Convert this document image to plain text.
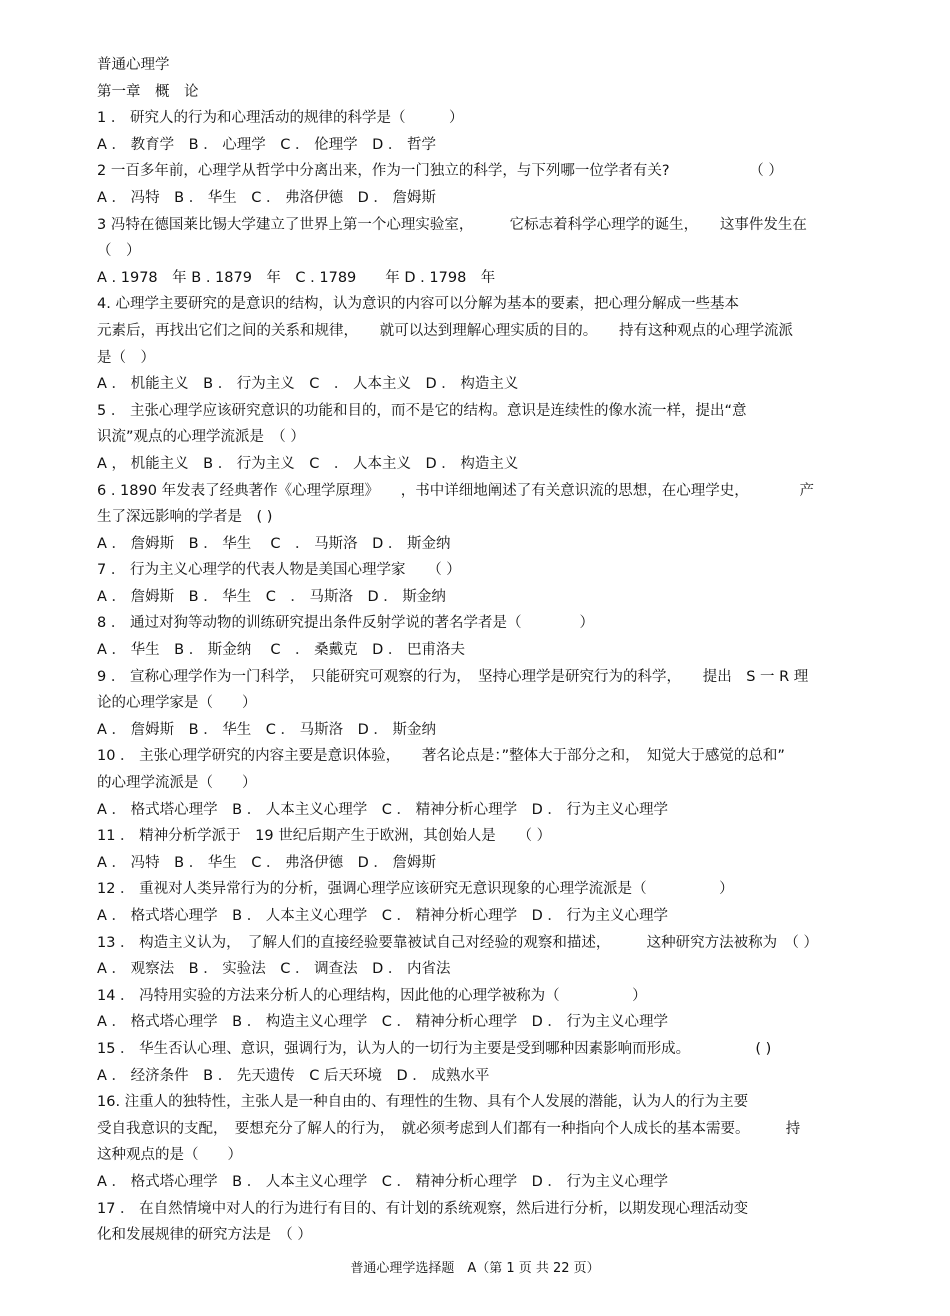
普通心理学
第一章　概　论
1 ． 研究人的行为和心理活动的规律的科学是（　　　）
A ． 教育学　B ． 心理学　C ． 伦理学　D ． 哲学
2 一百多年前，心理学从哲学中分离出来，作为一门独立的科学，与下列哪一位学者有关?　　　　　　（ ）
A ． 冯特　B ． 华生　C ． 弗洛伊德　D ． 詹姆斯
3 冯特在德国莱比锡大学建立了世界上第一个心理实验室，　　　它标志着科学心理学的诞生，　　这事件发生在
（　）
A . 1978　年 B . 1879　年　C . 1789　　年 D . 1798　年
4. 心理学主要研究的是意识的结构，认为意识的内容可以分解为基本的要素，把心理分解成一些基本
元素后，再找出它们之间的关系和规律，　　就可以达到理解心理实质的目的。　　持有这种观点的心理学流派
是（　）
A ． 机能主义　B ． 行为主义　C　． 人本主义　D ． 构造主义
5 ． 主张心理学应该研究意识的功能和目的，而不是它的结构。意识是连续性的像水流一样，提出“意
识流”观点的心理学流派是　（ ）
A ， 机能主义　B ． 行为主义　C　． 人本主义　D ． 构造主义
6 . 1890 年发表了经典著作《心理学原理》　　，书中详细地阐述了有关意识流的思想，在心理学史，　　　　产
生了深远影响的学者是　( )
A ． 詹姆斯　B ． 华生　 C　． 马斯洛　D ． 斯金纳
7 ． 行为主义心理学的代表人物是美国心理学家　　（ ）
A ． 詹姆斯　B ． 华生　C　． 马斯洛　D ． 斯金纳
8 ． 通过对狗等动物的训练研究提出条件反射学说的著名学者是（　　　　）
A ． 华生　B ． 斯金纳　 C　． 桑戴克　D ． 巴甫洛夫
9 ． 宣称心理学作为一门科学，　只能研究可观察的行为，　坚持心理学是研究行为的科学，　　提出　S 一 R 理
论的心理学家是（　　）
A ． 詹姆斯　B ． 华生　C ． 马斯洛　D ． 斯金纳
10 ． 主张心理学研究的内容主要是意识体验，　　著名论点是：”整体大于部分之和，　知觉大于感觉的总和”
的心理学流派是（　　）
A ． 格式塔心理学　B ． 人本主义心理学　C ． 精神分析心理学　D ． 行为主义心理学
11 ． 精神分析学派于　19 世纪后期产生于欧洲，其创始人是　　（ ）
A ． 冯特　B ． 华生　C ． 弗洛伊德　D ． 詹姆斯
12 ． 重视对人类异常行为的分析，强调心理学应该研究无意识现象的心理学流派是（　　　　　）
A ． 格式塔心理学　B ． 人本主义心理学　C ． 精神分析心理学　D ． 行为主义心理学
13 ． 构造主义认为，　了解人们的直接经验要靠被试自己对经验的观察和描述，　　　这种研究方法被称为　（ ）
A ． 观察法　B ． 实验法　C ． 调查法　D ． 内省法
14 ． 冯特用实验的方法来分析人的心理结构，因此他的心理学被称为（　　　　　）
A ． 格式塔心理学　B ． 构造主义心理学　C ． 精神分析心理学　D ． 行为主义心理学
15 ． 华生否认心理、意识，强调行为，认为人的一切行为主要是受到哪种因素影响而形成。　　　　　( )
A ． 经济条件　B ． 先天遗传　C 后天环境　D ． 成熟水平
16. 注重人的独特性，主张人是一种自由的、有理性的生物、具有个人发展的潜能，认为人的行为主要
受自我意识的支配，　要想充分了解人的行为，　就必须考虑到人们都有一种指向个人成长的基本需要。　　　持
这种观点的是（　　）
A ． 格式塔心理学　B ． 人本主义心理学　C ． 精神分析心理学　D ． 行为主义心理学
17 ． 在自然情境中对人的行为进行有目的、有计划的系统观察，然后进行分析，以期发现心理活动变
化和发展规律的研究方法是　（ ）
普通心理学选择题　A（第 1 页 共 22 页）
